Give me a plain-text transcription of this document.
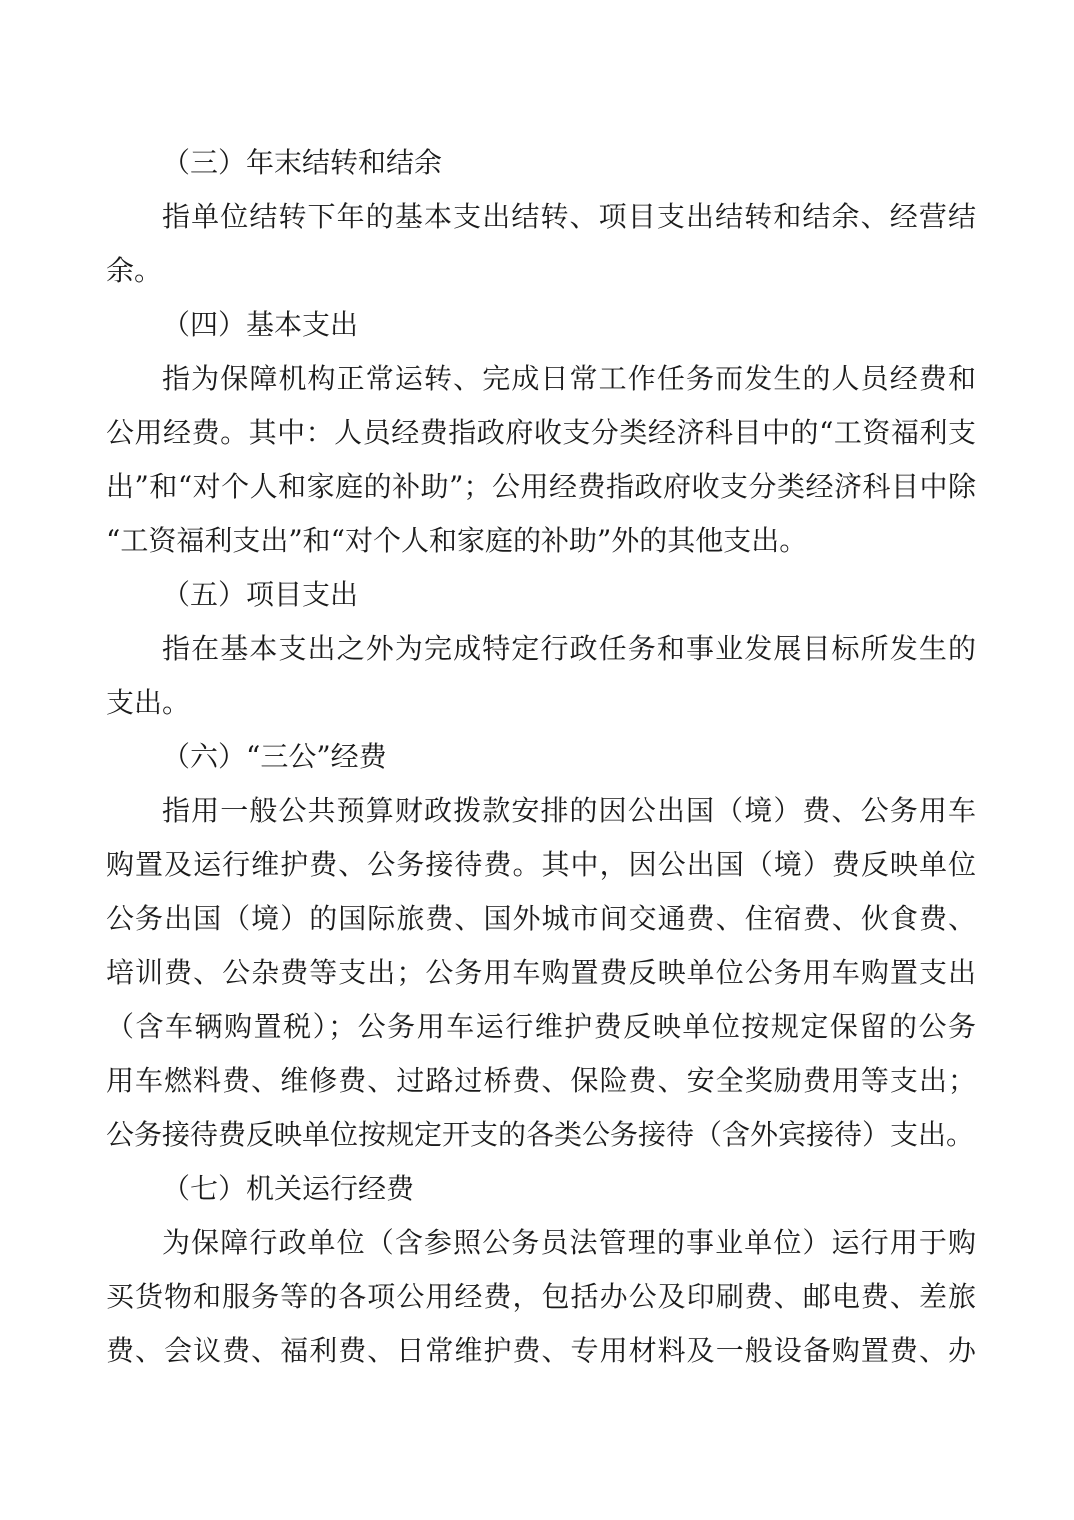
（三）年末结转和结余
指单位结转下年的基本支出结转、项目支出结转和结余、经营结
余。
（四）基本支出
指为保障机构正常运转、完成日常工作任务而发生的人员经费和
公用经费。其中：人员经费指政府收支分类经济科目中的“工资福利支
出”和“对个人和家庭的补助”；公用经费指政府收支分类经济科目中除
“工资福利支出”和“对个人和家庭的补助”外的其他支出。
（五）项目支出
指在基本支出之外为完成特定行政任务和事业发展目标所发生的
支出。
（六）“三公”经费
指用一般公共预算财政拨款安排的因公出国（境）费、公务用车
购置及运行维护费、公务接待费。其中，因公出国（境）费反映单位
公务出国（境）的国际旅费、国外城市间交通费、住宿费、伙食费、
培训费、公杂费等支出；公务用车购置费反映单位公务用车购置支出
（含车辆购置税）；公务用车运行维护费反映单位按规定保留的公务
用车燃料费、维修费、过路过桥费、保险费、安全奖励费用等支出；
公务接待费反映单位按规定开支的各类公务接待（含外宾接待）支出。
（七）机关运行经费
为保障行政单位（含参照公务员法管理的事业单位）运行用于购
买货物和服务等的各项公用经费，包括办公及印刷费、邮电费、差旅
费、会议费、福利费、日常维护费、专用材料及一般设备购置费、办
